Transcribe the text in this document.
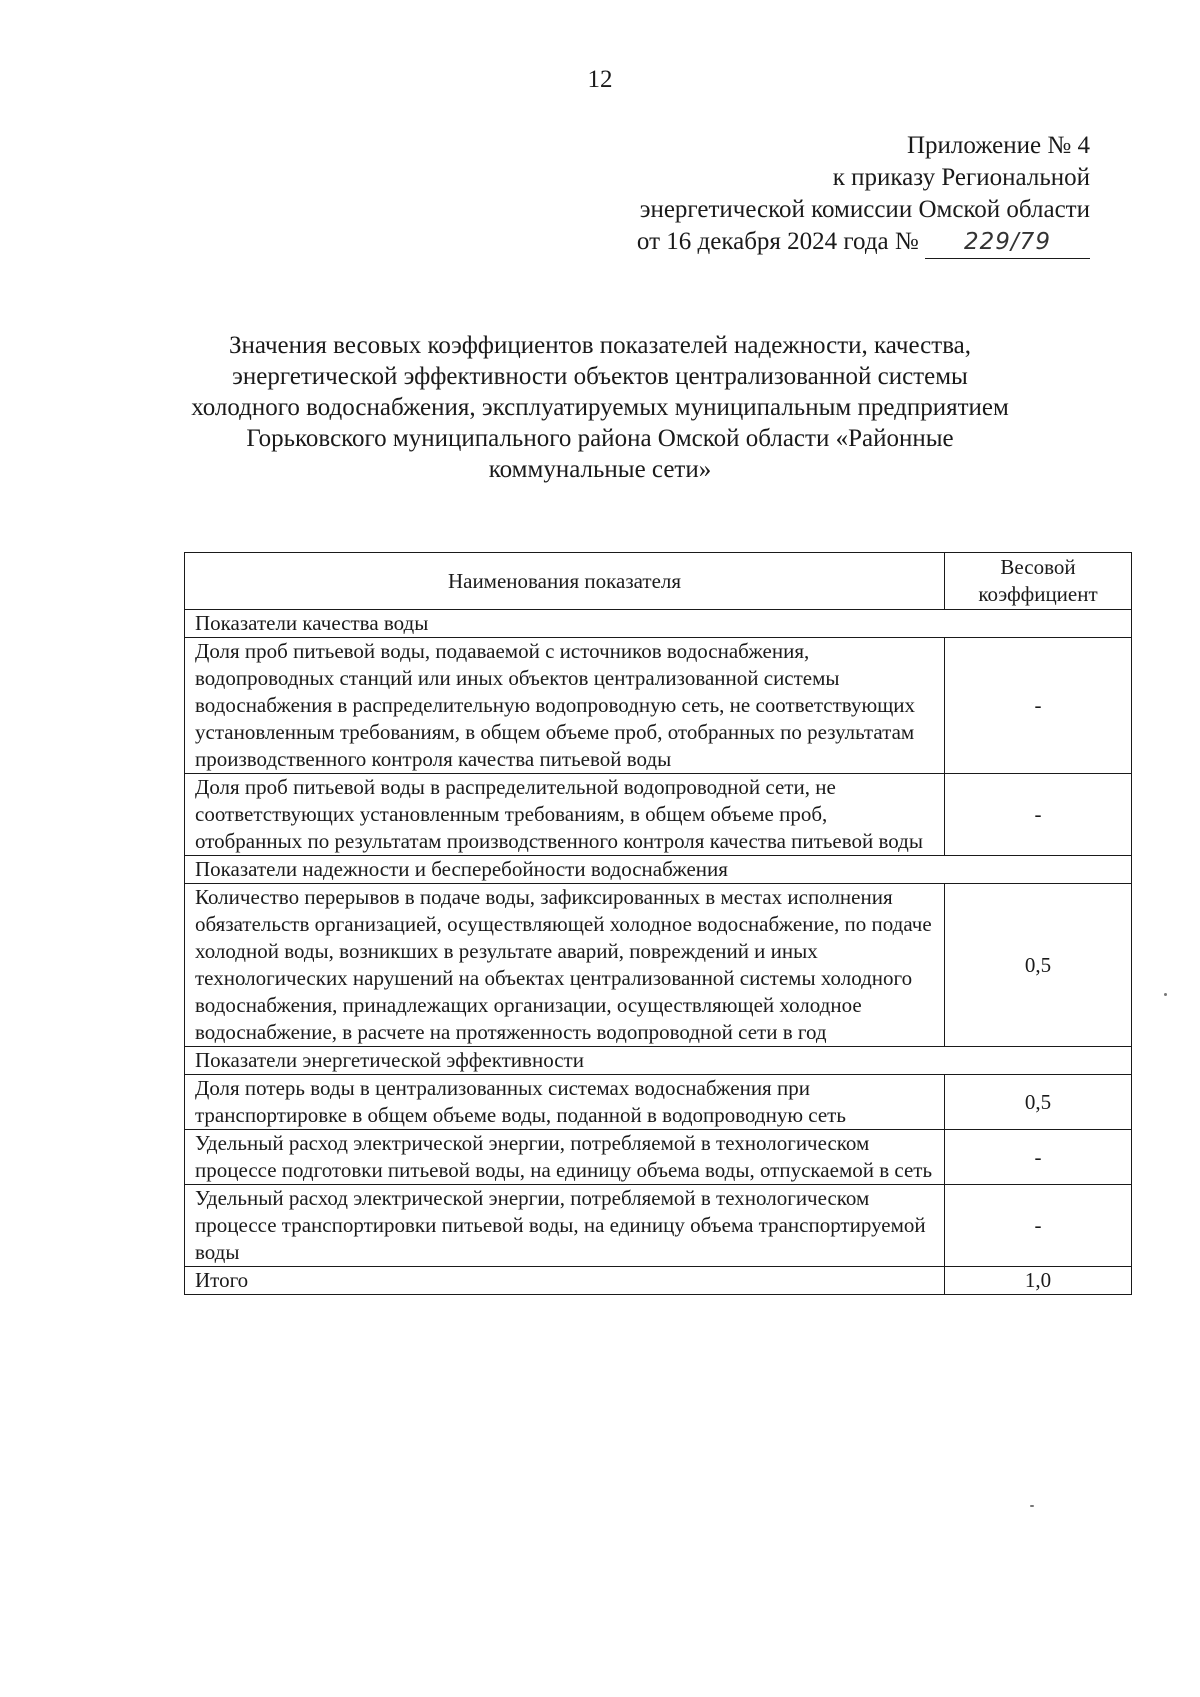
12
Приложение № 4
к приказу Региональной
энергетической комиссии Омской области
от 16 декабря 2024 года № 229/79
Значения весовых коэффициентов показателей надежности, качества,
энергетической эффективности объектов централизованной системы
холодного водоснабжения, эксплуатируемых муниципальным предприятием
Горьковского муниципального района Омской области «Районные
коммунальные сети»
Наименования показателя	Весовой коэффициент
Показатели качества воды	
Доля проб питьевой воды, подаваемой с источников водоснабжения, водопроводных станций или иных объектов централизованной системы водоснабжения в распределительную водопроводную сеть, не соответствующих установленным требованиям, в общем объеме проб, отобранных по результатам производственного контроля качества питьевой воды	-
Доля проб питьевой воды в распределительной водопроводной сети, не соответствующих установленным требованиям, в общем объеме проб, отобранных по результатам производственного контроля качества питьевой воды	-
Показатели надежности и бесперебойности водоснабжения	
Количество перерывов в подаче воды, зафиксированных в местах исполнения обязательств организацией, осуществляющей холодное водоснабжение, по подаче холодной воды, возникших в результате аварий, повреждений и иных технологических нарушений на объектах централизованной системы холодного водоснабжения, принадлежащих организации, осуществляющей холодное водоснабжение, в расчете на протяженность водопроводной сети в год	0,5
Показатели энергетической эффективности	
Доля потерь воды в централизованных системах водоснабжения при транспортировке в общем объеме воды, поданной в водопроводную сеть	0,5
Удельный расход электрической энергии, потребляемой в технологическом процессе подготовки питьевой воды, на единицу объема воды, отпускаемой в сеть	-
Удельный расход электрической энергии, потребляемой в технологическом процессе транспортировки питьевой воды, на единицу объема транспортируемой воды	-
Итого	1,0
